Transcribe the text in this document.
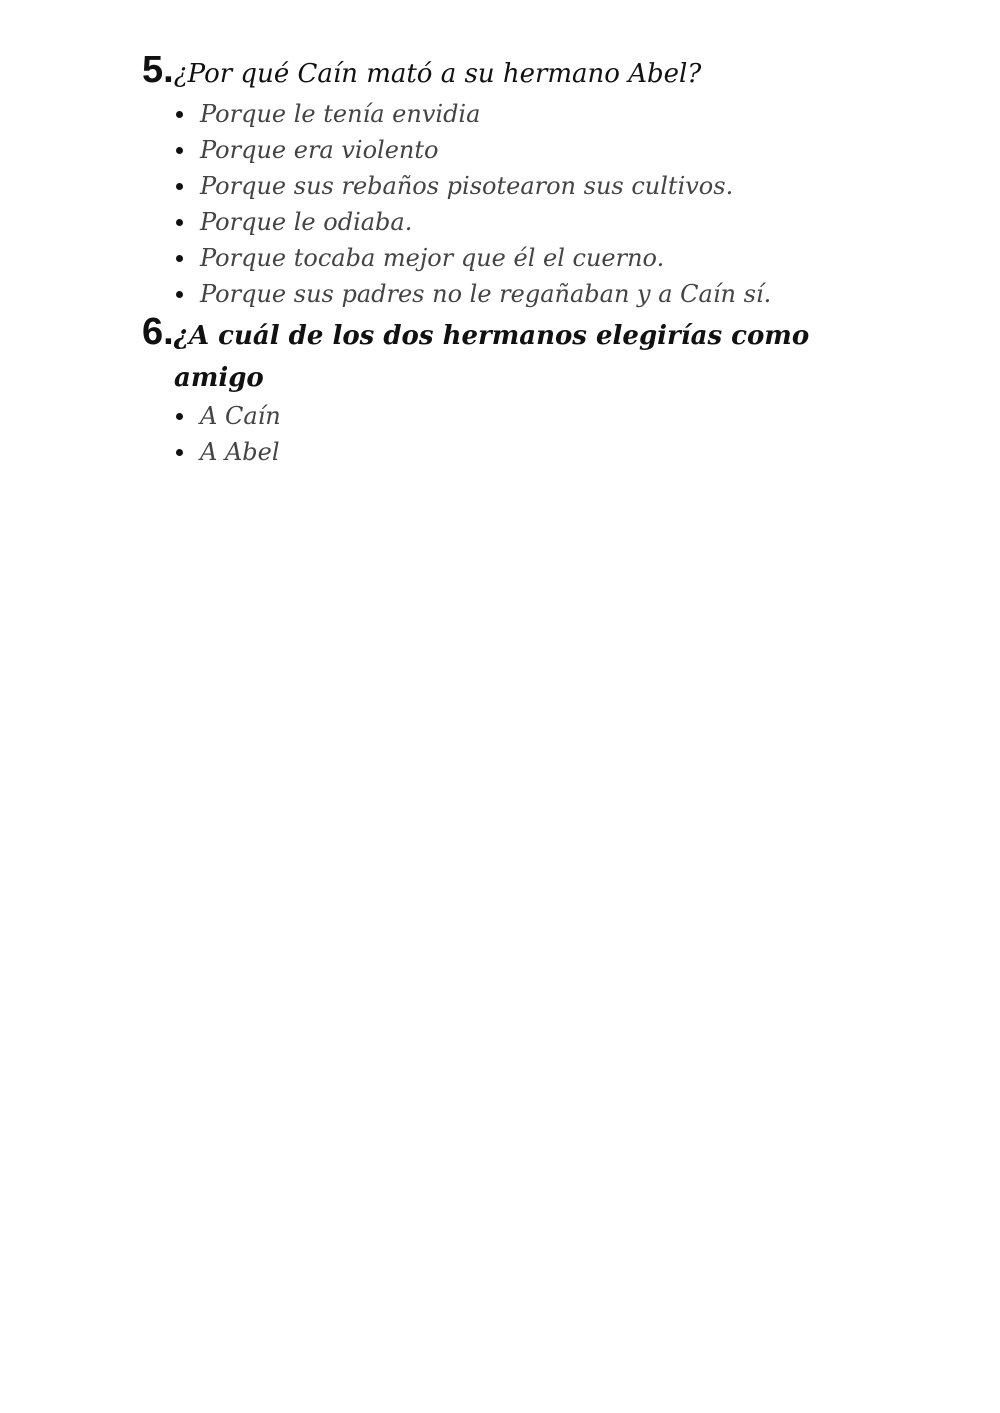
5. ¿Por qué Caín mató a su hermano Abel?
Porque le tenía envidia
Porque era violento
Porque sus rebaños pisotearon sus cultivos.
Porque le odiaba.
Porque tocaba mejor que él el cuerno.
Porque sus padres no le regañaban y a Caín sí.
6. ¿A cuál de los dos hermanos elegirías como
amigo
A Caín
A Abel
